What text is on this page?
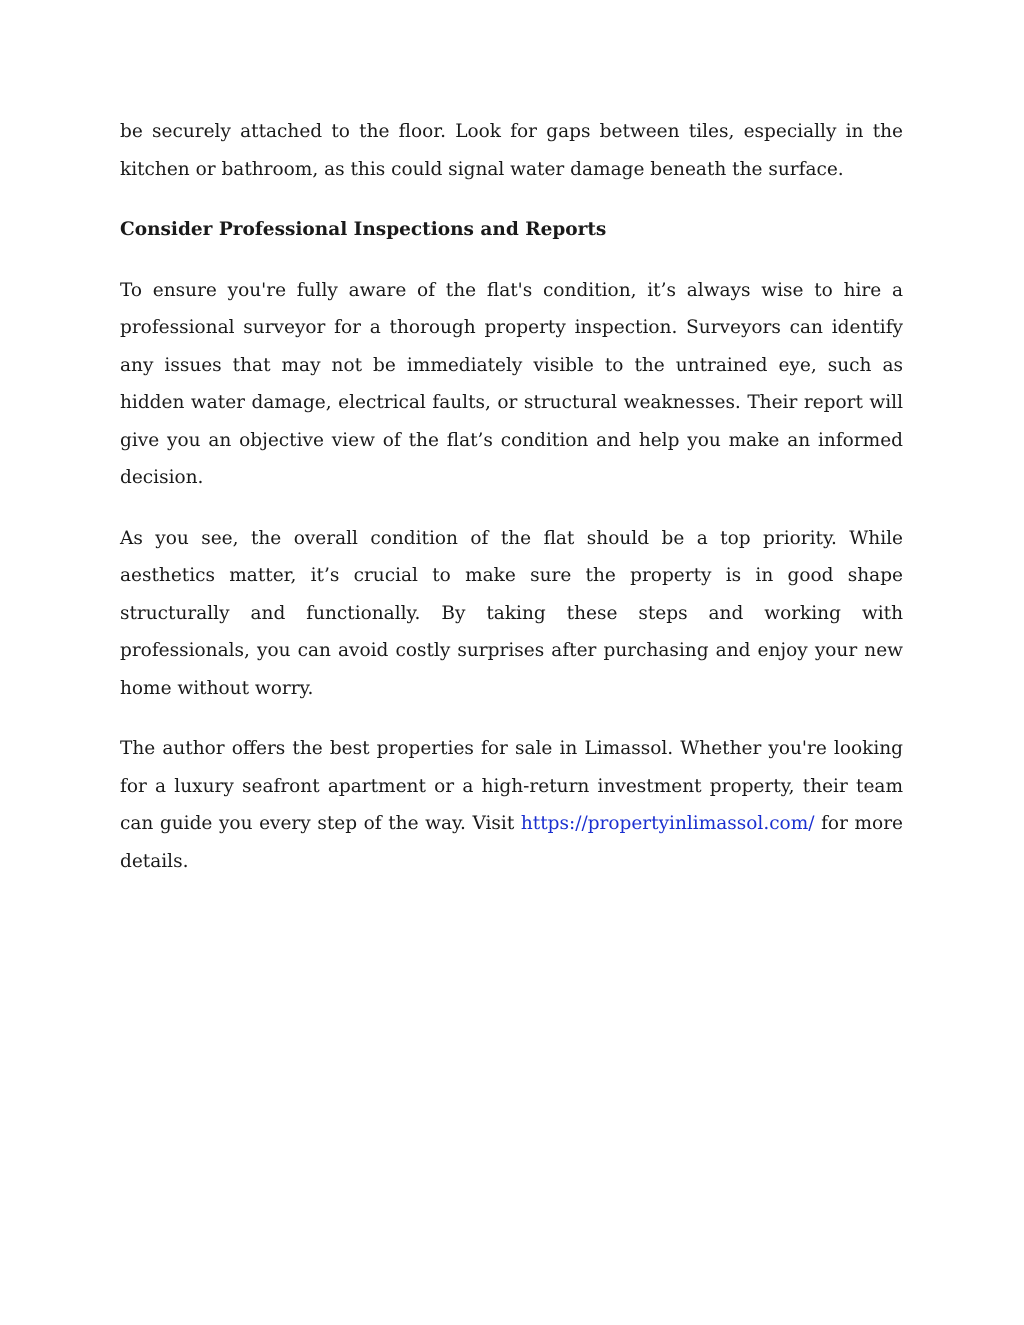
be securely attached to the floor. Look for gaps between tiles, especially in the kitchen or bathroom, as this could signal water damage beneath the surface.

Consider Professional Inspections and Reports

To ensure you're fully aware of the flat's condition, it’s always wise to hire a professional surveyor for a thorough property inspection. Surveyors can identify any issues that may not be immediately visible to the untrained eye, such as hidden water damage, electrical faults, or structural weaknesses. Their report will give you an objective view of the flat’s condition and help you make an informed decision.

As you see, the overall condition of the flat should be a top priority. While aesthetics matter, it’s crucial to make sure the property is in good shape structurally and functionally. By taking these steps and working with professionals, you can avoid costly surprises after purchasing and enjoy your new home without worry.

The author offers the best properties for sale in Limassol. Whether you're looking for a luxury seafront apartment or a high-return investment property, their team can guide you every step of the way. Visit https://propertyinlimassol.com/ for more details.
